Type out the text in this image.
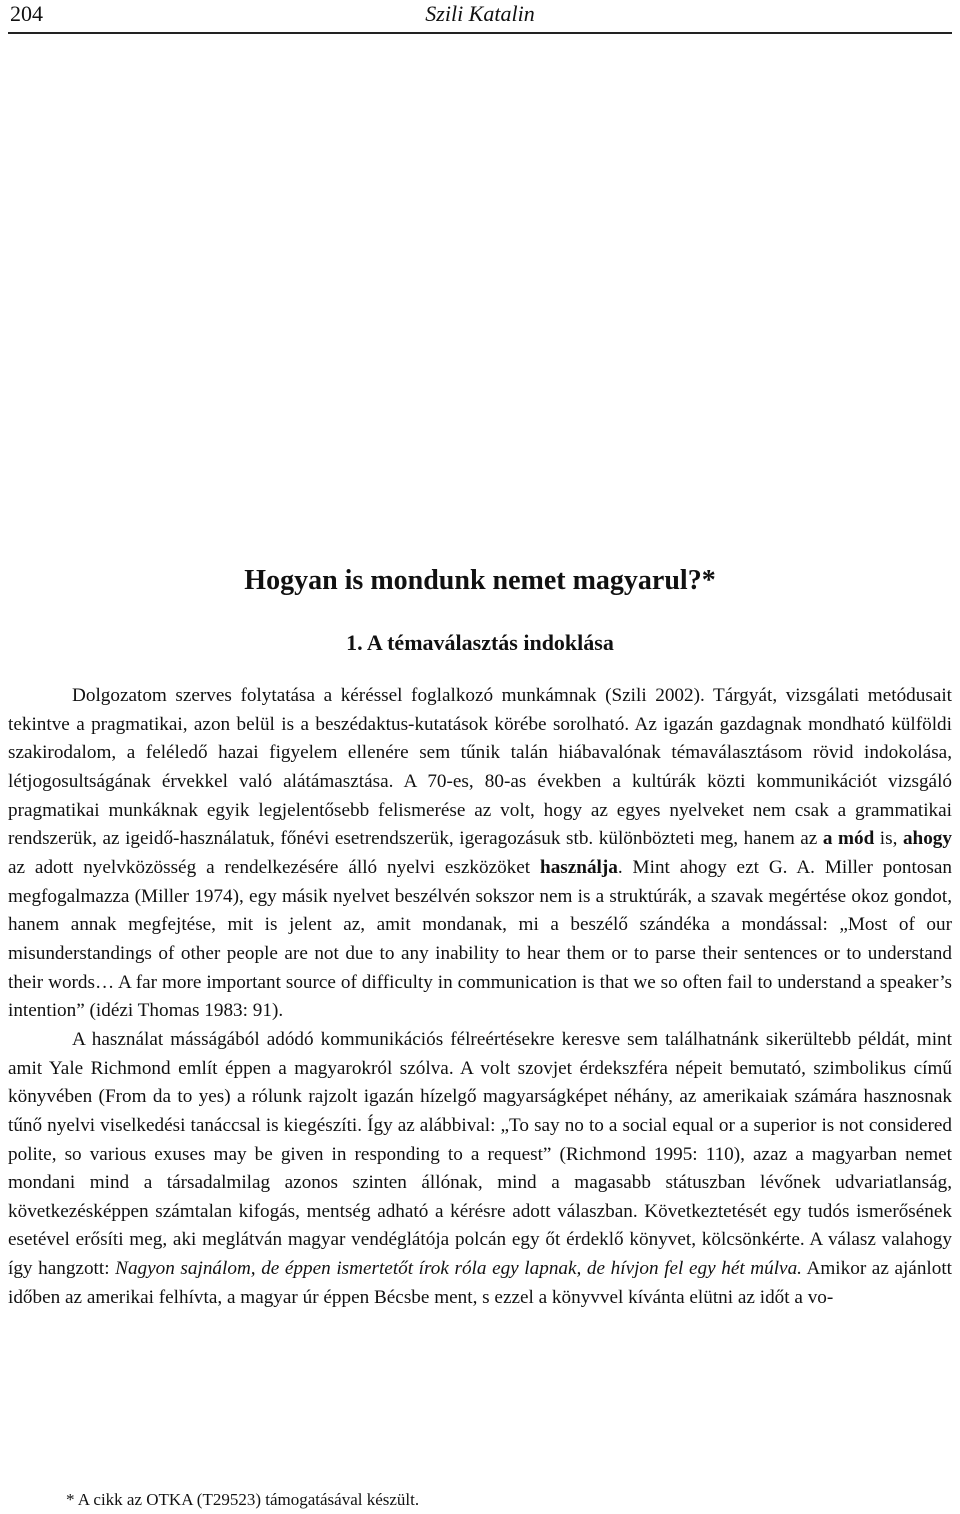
204	Szili Katalin
Hogyan is mondunk nemet magyarul?*
1. A témaválasztás indoklása

Dolgozatom szerves folytatása a kéréssel foglalkozó munkámnak (Szili 2002). Tárgyát, vizsgálati metódusait tekintve a pragmatikai, azon belül is a beszédaktus-kutatások körébe sorolható. Az igazán gazdagnak mondható külföldi szakirodalom, a feléledő hazai figyelem ellenére sem tűnik talán hiábavalónak témaválasztásom rövid indokolása, létjogosultságának érvekkel való alátámasztása. A 70-es, 80-as években a kultúrák közti kommunikációt vizsgáló pragmatikai munkáknak egyik legjelentősebb felismerése az volt, hogy az egyes nyelveket nem csak a grammatikai rendszerük, az igeidő-használatuk, főnévi esetrendszerük, igeragozásuk stb. különbözteti meg, hanem az a mód is, ahogy az adott nyelvközösség a rendelkezésére álló nyelvi eszközöket használja. Mint ahogy ezt G. A. Miller pontosan megfogalmazza (Miller 1974), egy másik nyelvet beszélvén sokszor nem is a struktúrák, a szavak megértése okoz gondot, hanem annak megfejtése, mit is jelent az, amit mondanak, mi a beszélő szándéka a mondással: „Most of our misunderstandings of other people are not due to any inability to hear them or to parse their sentences or to understand their words… A far more important source of difficulty in communication is that we so often fail to understand a speaker’s intention” (idézi Thomas 1983: 91).

A használat másságából adódó kommunikációs félreértésekre keresve sem találhatnánk sikerültebb példát, mint amit Yale Richmond említ éppen a magyarokról szólva. A volt szovjet érdekszféra népeit bemutató, szimbolikus című könyvében (From da to yes) a rólunk rajzolt igazán hízelgő magyarságképet néhány, az amerikaiak számára hasznosnak tűnő nyelvi viselkedési tanáccsal is kiegészíti. Így az alábbival: „To say no to a social equal or a superior is not considered polite, so various exuses may be given in responding to a request” (Richmond 1995: 110), azaz a magyarban nemet mondani mind a társadalmilag azonos szinten állónak, mind a magasabb státuszban lévőnek udvariatlanság, következésképpen számtalan kifogás, mentség adható a kérésre adott válaszban. Következtetését egy tudós ismerősének esetével erősíti meg, aki meglátván magyar vendéglátója polcán egy őt érdeklő könyvet, kölcsönkérte. A válasz valahogy így hangzott: Nagyon sajnálom, de éppen ismertetőt írok róla egy lapnak, de hívjon fel egy hét múlva. Amikor az ajánlott időben az amerikai felhívta, a magyar úr éppen Bécsbe ment, s ezzel a könyvvel kívánta elütni az időt a vo-

* A cikk az OTKA (T29523) támogatásával készült.
